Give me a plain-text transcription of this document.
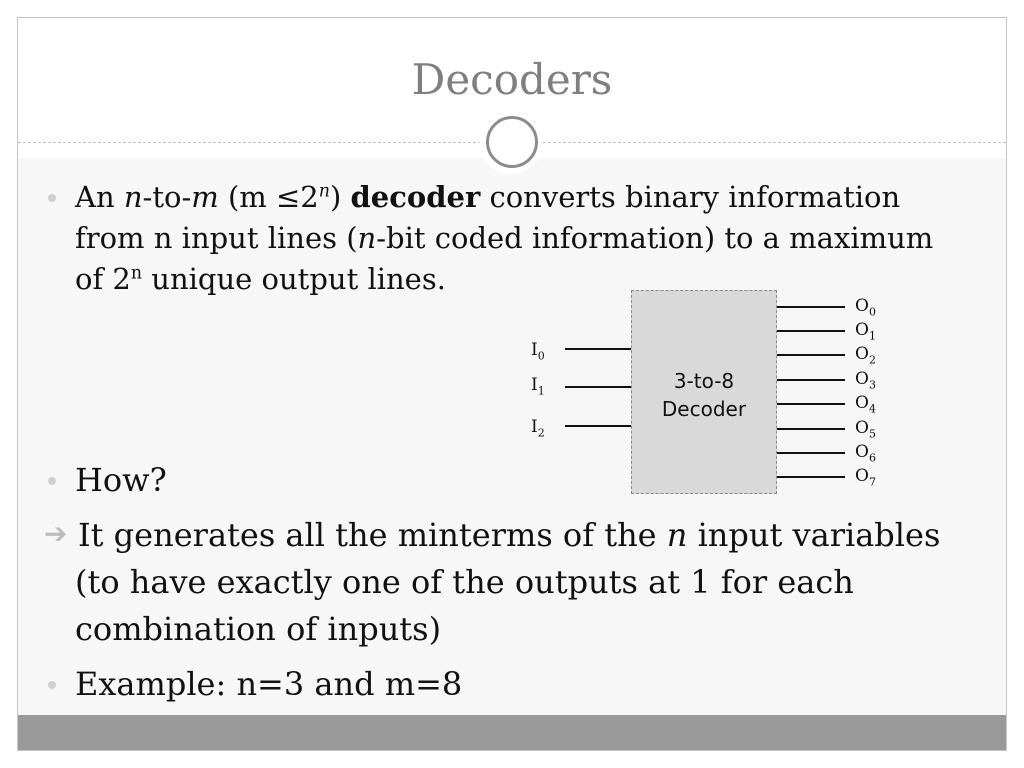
Decoders
An n-to-m $(m \le 2^n)$ decoder converts binary information
from n input lines (n-bit coded information) to a maximum
of 2$^n$ unique output lines.
How?
➔ It generates all the minterms of the n input variables
(to have exactly one of the outputs at 1 for each
combination of inputs)
Example: n=3 and m=8
3-to-8
Decoder
$I_0$
$I_1$
$I_2$
$O_0$
$O_1$
$O_2$
$O_3$
$O_4$
$O_5$
$O_6$
$O_7$
